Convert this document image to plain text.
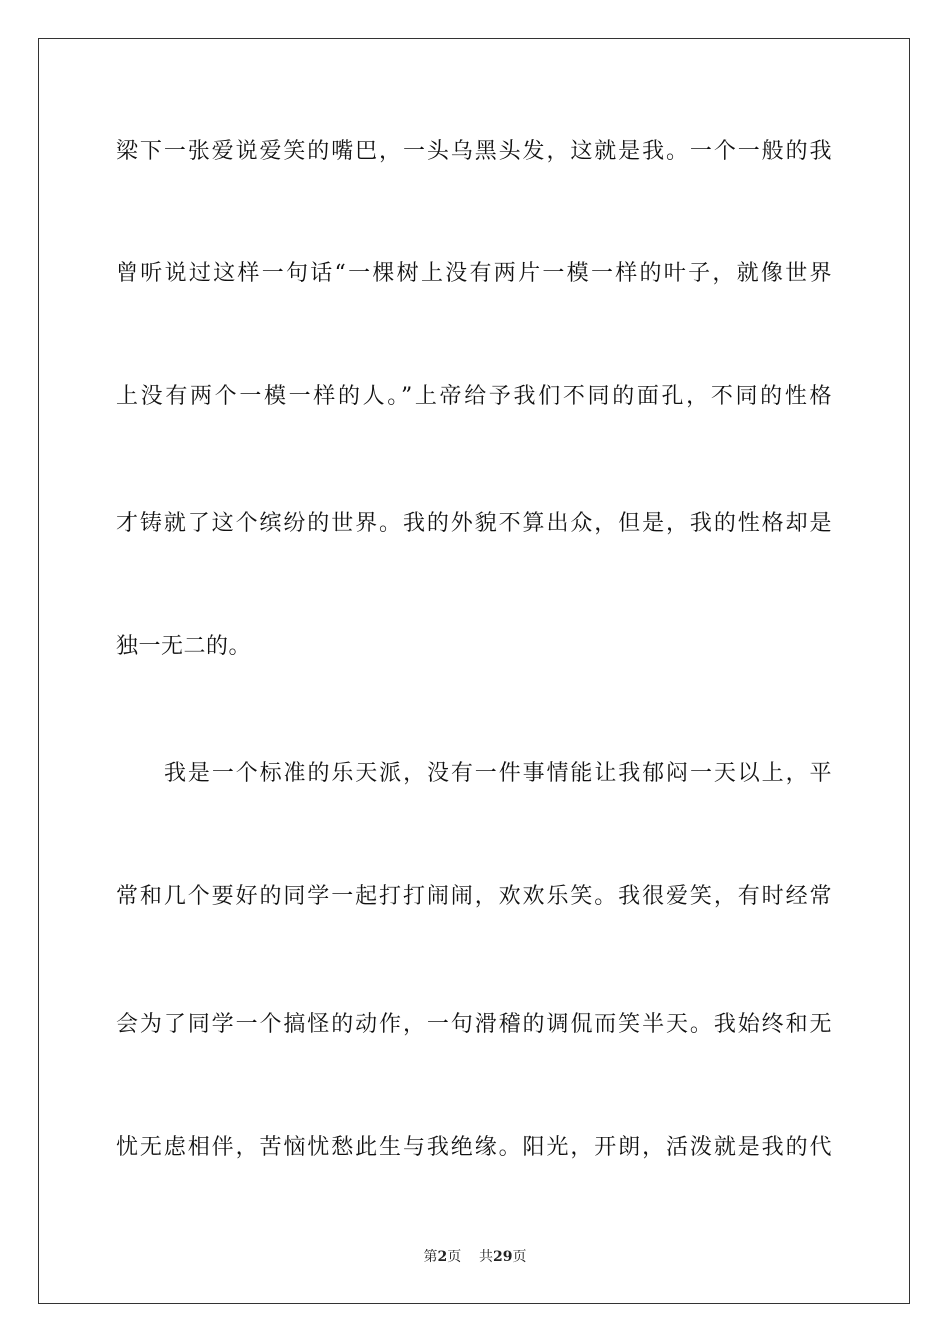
梁下一张爱说爱笑的嘴巴，一头乌黑头发，这就是我。一个一般的我
曾听说过这样一句话“一棵树上没有两片一模一样的叶子，就像世界
上没有两个一模一样的人。”上帝给予我们不同的面孔，不同的性格
才铸就了这个缤纷的世界。我的外貌不算出众，但是，我的性格却是
独一无二的。
我是一个标准的乐天派，没有一件事情能让我郁闷一天以上，平
常和几个要好的同学一起打打闹闹，欢欢乐笑。我很爱笑，有时经常
会为了同学一个搞怪的动作，一句滑稽的调侃而笑半天。我始终和无
忧无虑相伴，苦恼忧愁此生与我绝缘。阳光，开朗，活泼就是我的代
第2页 共29页
